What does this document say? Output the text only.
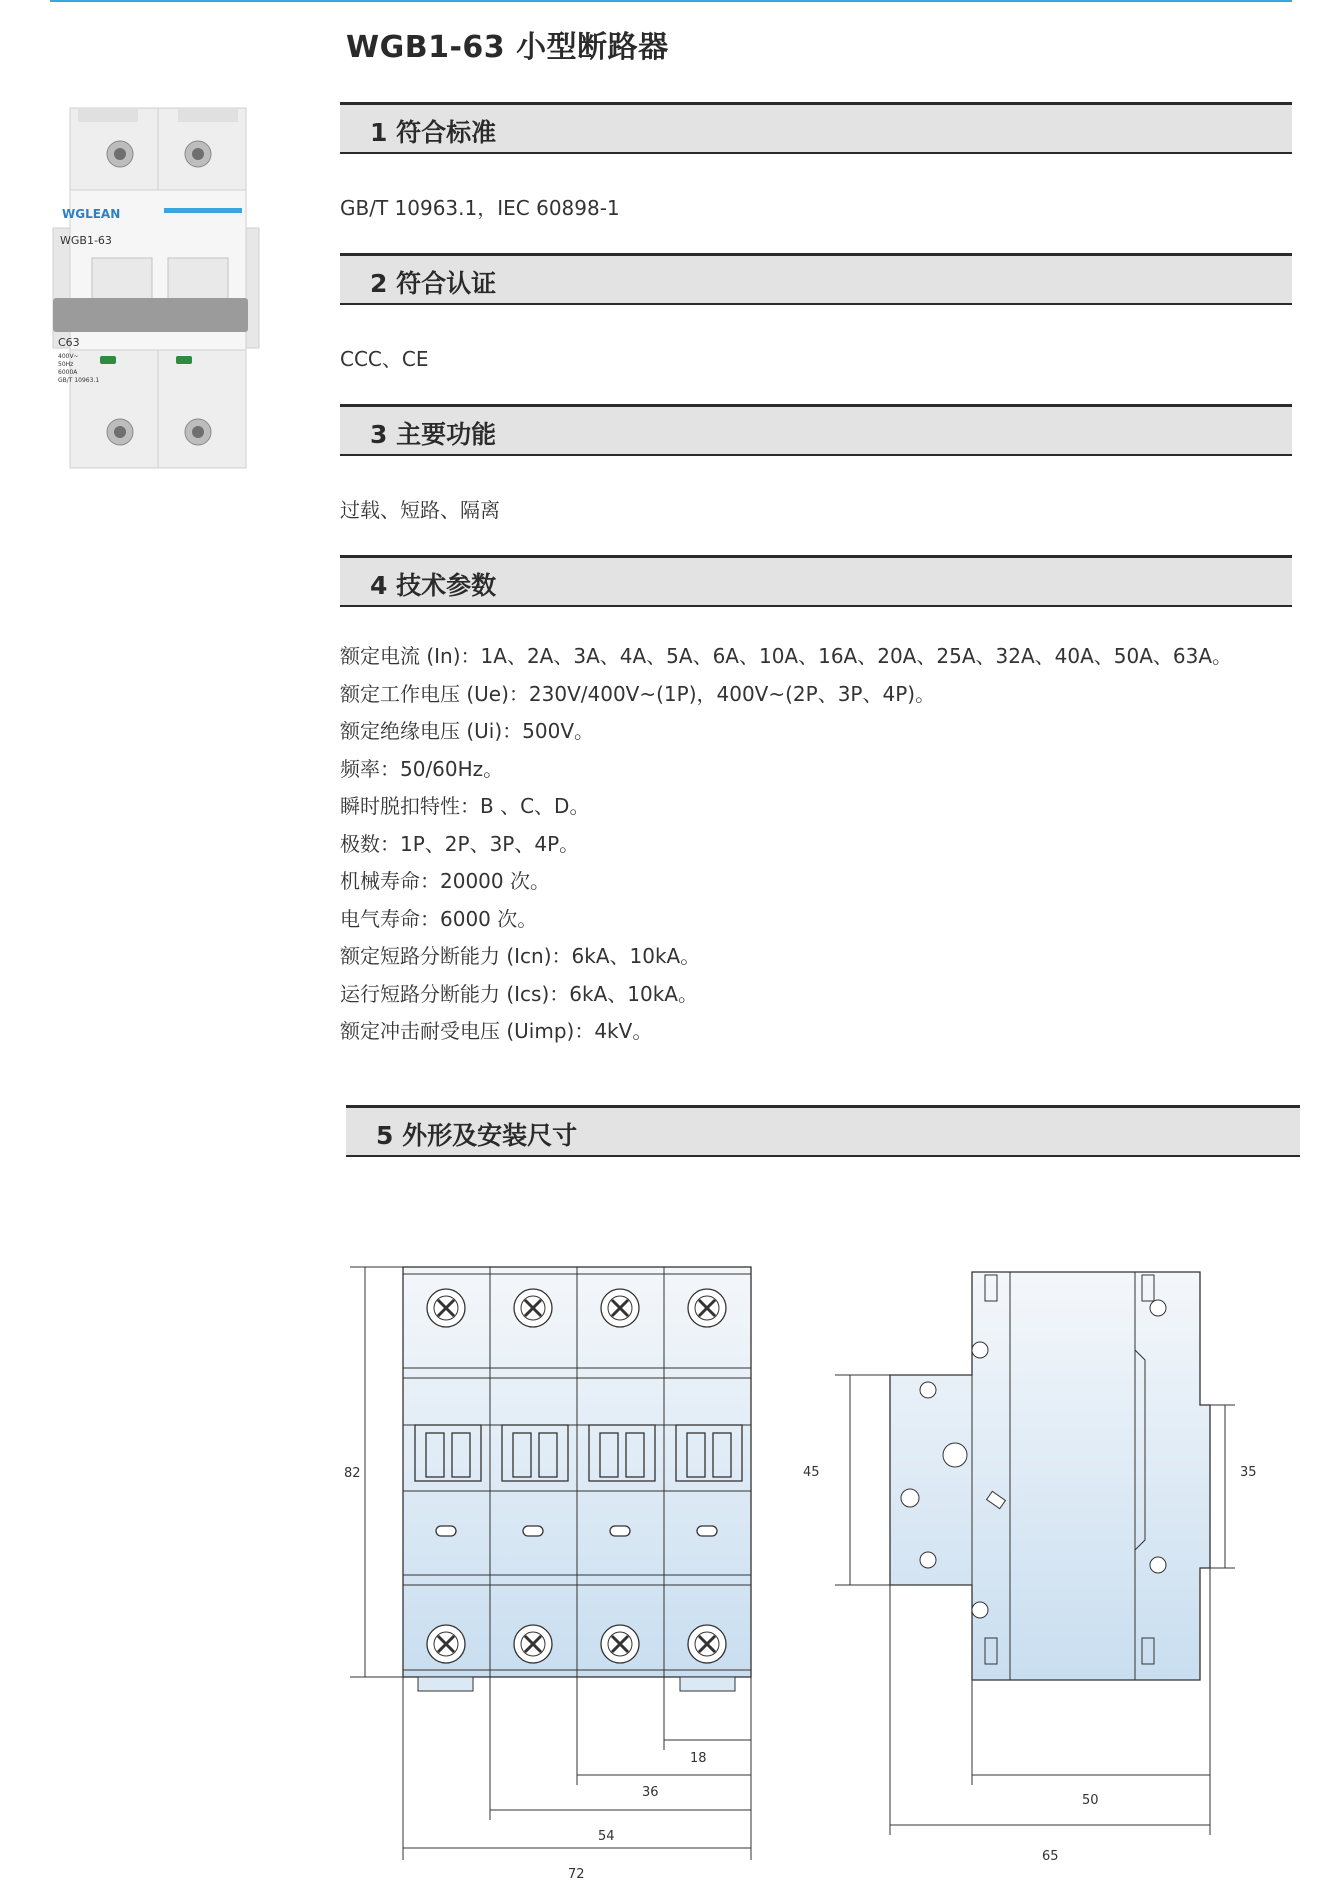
WGB1-63 小型断路器
WGLEAN
WGB1-63
C63
400V~
50Hz
6000A
GB/T 10963.1
1 符合标准
GB/T 10963.1，IEC 60898-1
2 符合认证
CCC、CE
3 主要功能
过载、短路、隔离
4 技术参数
额定电流 (In)：1A、2A、3A、4A、5A、6A、10A、16A、20A、25A、32A、40A、50A、63A。
额定工作电压 (Ue)：230V/400V~(1P)，400V~(2P、3P、4P)。
额定绝缘电压 (Ui)：500V。
频率：50/60Hz。
瞬时脱扣特性：B 、C、D。
极数：1P、2P、3P、4P。
机械寿命：20000 次。
电气寿命：6000 次。
额定短路分断能力 (Icn)：6kA、10kA。
运行短路分断能力 (Ics)：6kA、10kA。
额定冲击耐受电压 (Uimp)：4kV。
5 外形及安装尺寸
82
18
36
54
72
45	35
50
65
